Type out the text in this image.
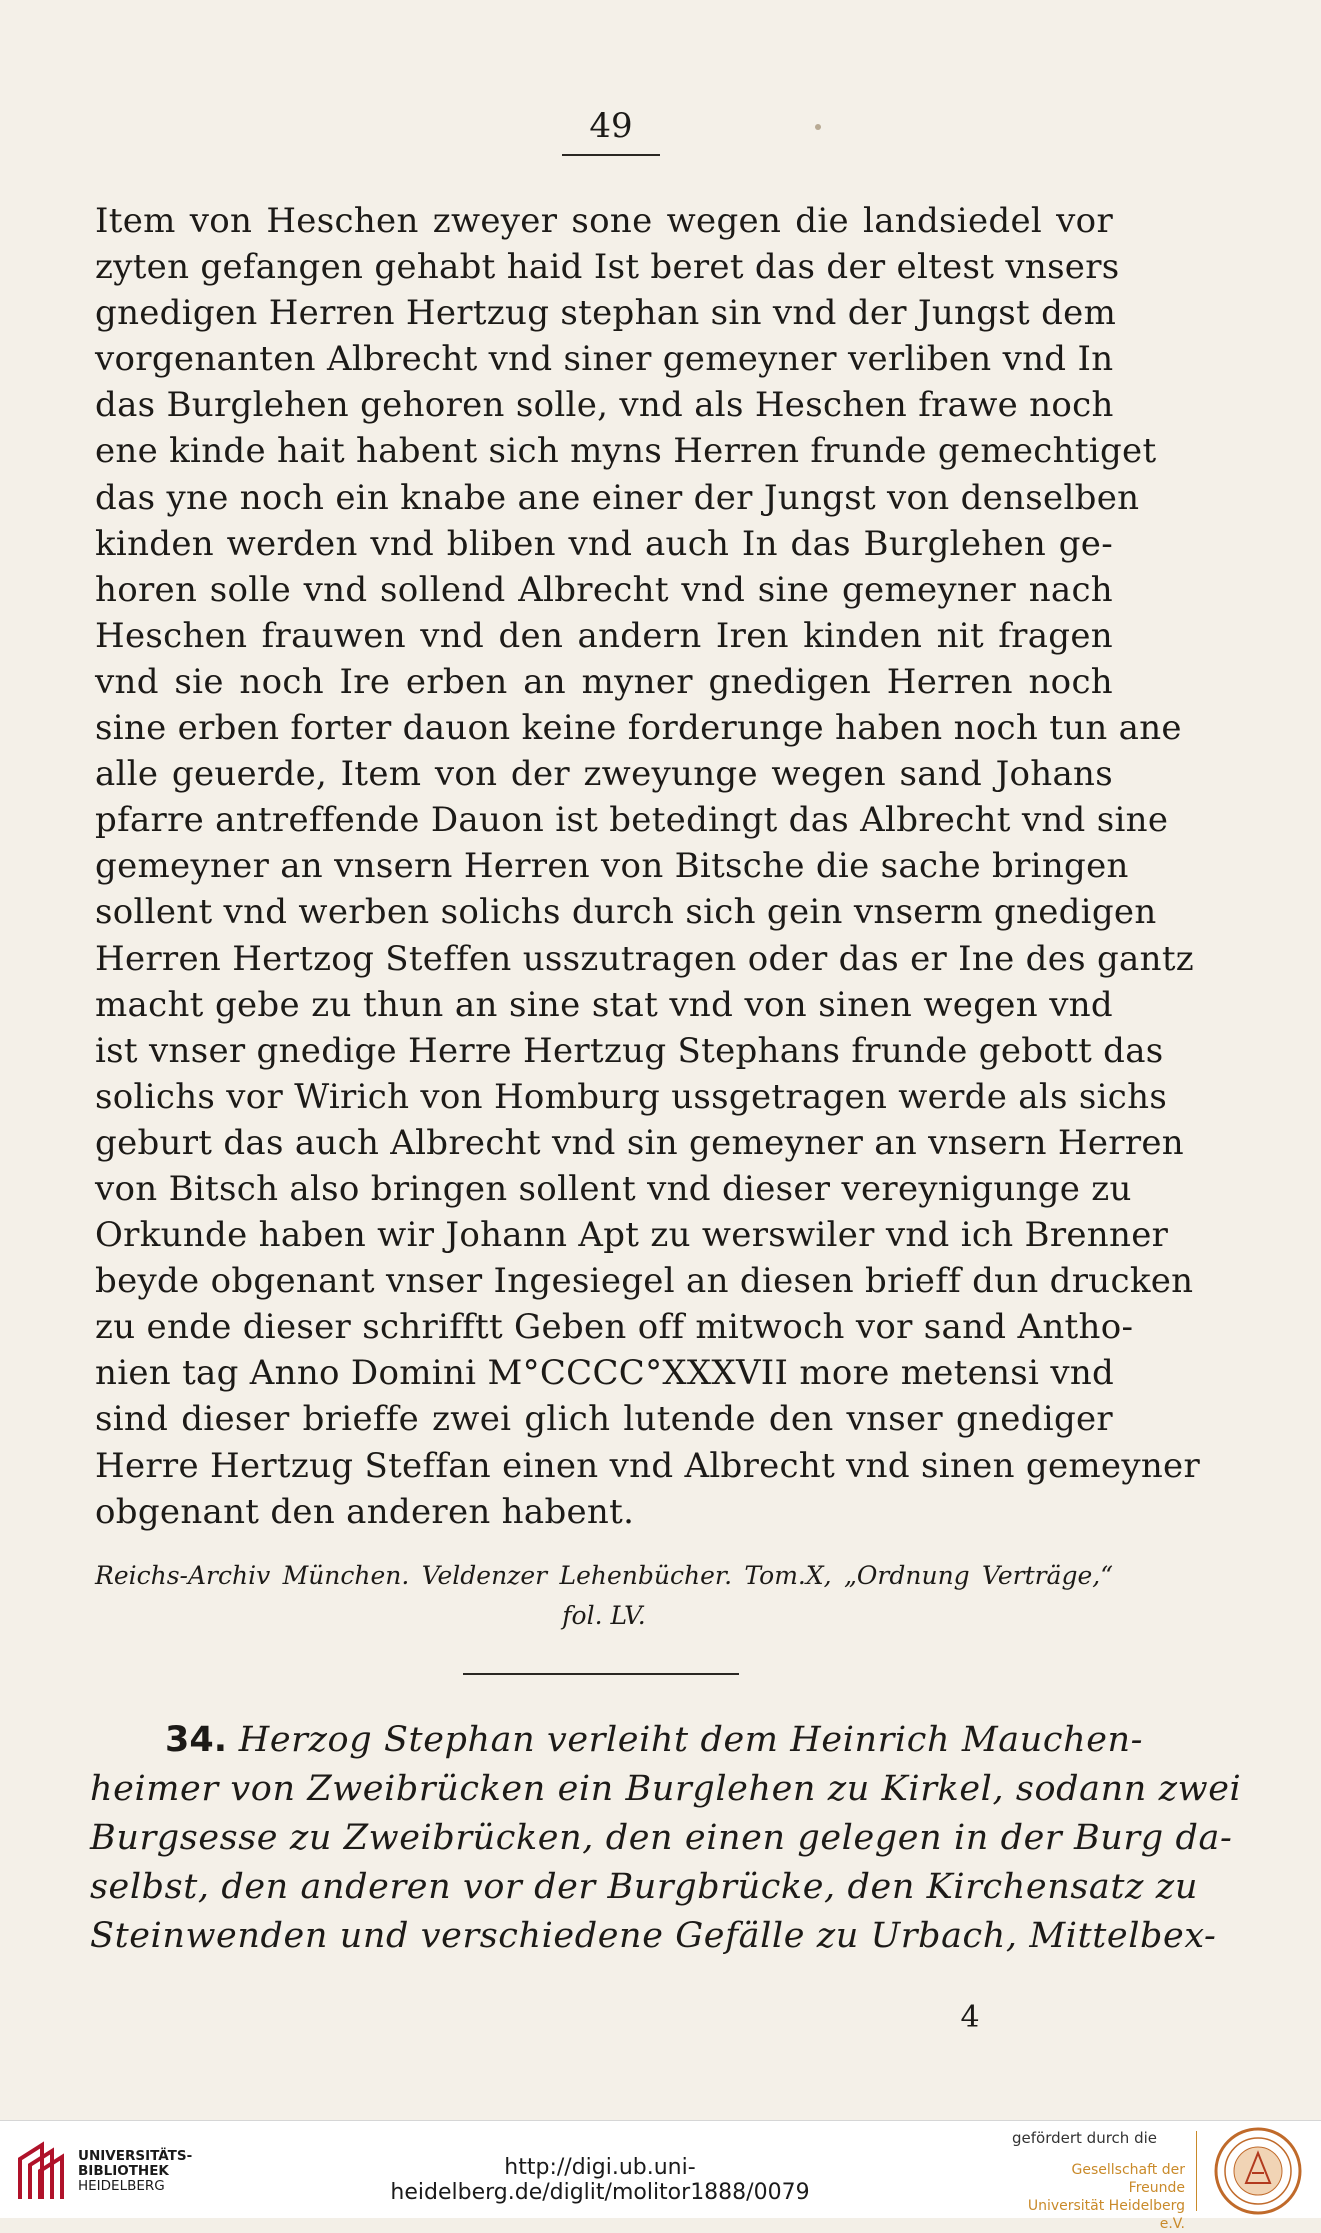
49
Item von Heschen zweyer sone wegen die landsiedel vor
zyten gefangen gehabt haid Ist beret das der eltest vnsers
gnedigen Herren Hertzug stephan sin vnd der Jungst dem
vorgenanten Albrecht vnd siner gemeyner verliben vnd In
das Burglehen gehoren solle, vnd als Heschen frawe noch
ene kinde hait habent sich myns Herren frunde gemechtiget
das yne noch ein knabe ane einer der Jungst von denselben
kinden werden vnd bliben vnd auch In das Burglehen ge-
horen solle vnd sollend Albrecht vnd sine gemeyner nach
Heschen frauwen vnd den andern Iren kinden nit fragen
vnd sie noch Ire erben an myner gnedigen Herren noch
sine erben forter dauon keine forderunge haben noch tun ane
alle geuerde, Item von der zweyunge wegen sand Johans
pfarre antreffende Dauon ist betedingt das Albrecht vnd sine
gemeyner an vnsern Herren von Bitsche die sache bringen
sollent vnd werben solichs durch sich gein vnserm gnedigen
Herren Hertzog Steffen usszutragen oder das er Ine des gantz
macht gebe zu thun an sine stat vnd von sinen wegen vnd
ist vnser gnedige Herre Hertzug Stephans frunde gebott das
solichs vor Wirich von Homburg ussgetragen werde als sichs
geburt das auch Albrecht vnd sin gemeyner an vnsern Herren
von Bitsch also bringen sollent vnd dieser vereynigunge zu
Orkunde haben wir Johann Apt zu werswiler vnd ich Brenner
beyde obgenant vnser Ingesiegel an diesen brieff dun drucken
zu ende dieser schrifftt Geben off mitwoch vor sand Antho-
nien tag Anno Domini M°CCCC°XXXVII more metensi vnd
sind dieser brieffe zwei glich lutende den vnser gnediger
Herre Hertzug Steffan einen vnd Albrecht vnd sinen gemeyner
obgenant den anderen habent.
Reichs-Archiv München. Veldenzer Lehenbücher. Tom.X, „Ordnung Verträge,“
fol. LV.
34. Herzog Stephan verleiht dem Heinrich Mauchen-
heimer von Zweibrücken ein Burglehen zu Kirkel, sodann zwei
Burgsesse zu Zweibrücken, den einen gelegen in der Burg da-
selbst, den anderen vor der Burgbrücke, den Kirchensatz zu
Steinwenden und verschiedene Gefälle zu Urbach, Mittelbex-
4
UNIVERSITÄTS-
BIBLIOTHEK
HEIDELBERG
http://digi.ub.uni-heidelberg.de/diglit/molitor1888/0079
gefördert durch die
Gesellschaft der Freunde
Universität Heidelberg e.V.
